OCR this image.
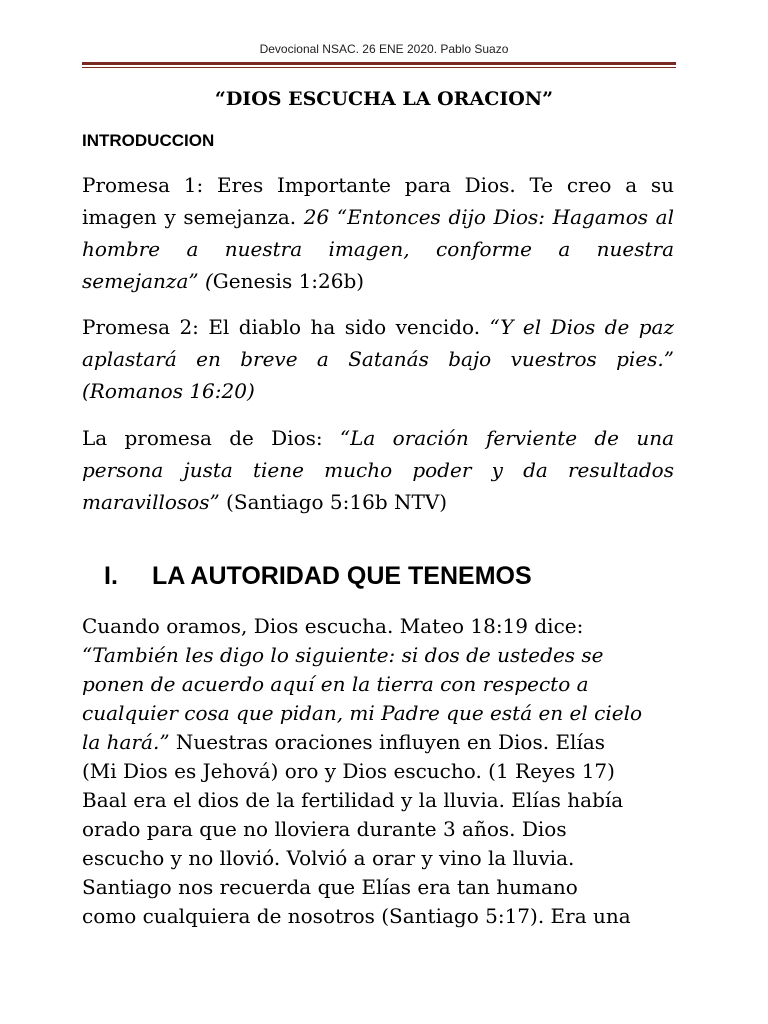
Devocional NSAC. 26 ENE 2020. Pablo Suazo
“DIOS ESCUCHA LA ORACION”
INTRODUCCION
Promesa 1: Eres Importante para Dios. Te creo a su imagen y semejanza. 26 “Entonces dijo Dios: Hagamos al hombre a nuestra imagen, conforme a nuestra semejanza” (Genesis 1:26b)
Promesa 2: El diablo ha sido vencido. “Y el Dios de paz aplastará en breve a Satanás bajo vuestros pies.” (Romanos 16:20)
La promesa de Dios: “La oración ferviente de una persona justa tiene mucho poder y da resultados maravillosos” (Santiago 5:16b NTV)
I. LA AUTORIDAD QUE TENEMOS
Cuando oramos, Dios escucha. Mateo 18:19 dice:
“También les digo lo siguiente: si dos de ustedes se
ponen de acuerdo aquí en la tierra con respecto a
cualquier cosa que pidan, mi Padre que está en el cielo
la hará.” Nuestras oraciones influyen en Dios. Elías
(Mi Dios es Jehová) oro y Dios escucho. (1 Reyes 17)
Baal era el dios de la fertilidad y la lluvia. Elías había
orado para que no lloviera durante 3 años. Dios
escucho y no llovió. Volvió a orar y vino la lluvia.
Santiago nos recuerda que Elías era tan humano
como cualquiera de nosotros (Santiago 5:17). Era una
